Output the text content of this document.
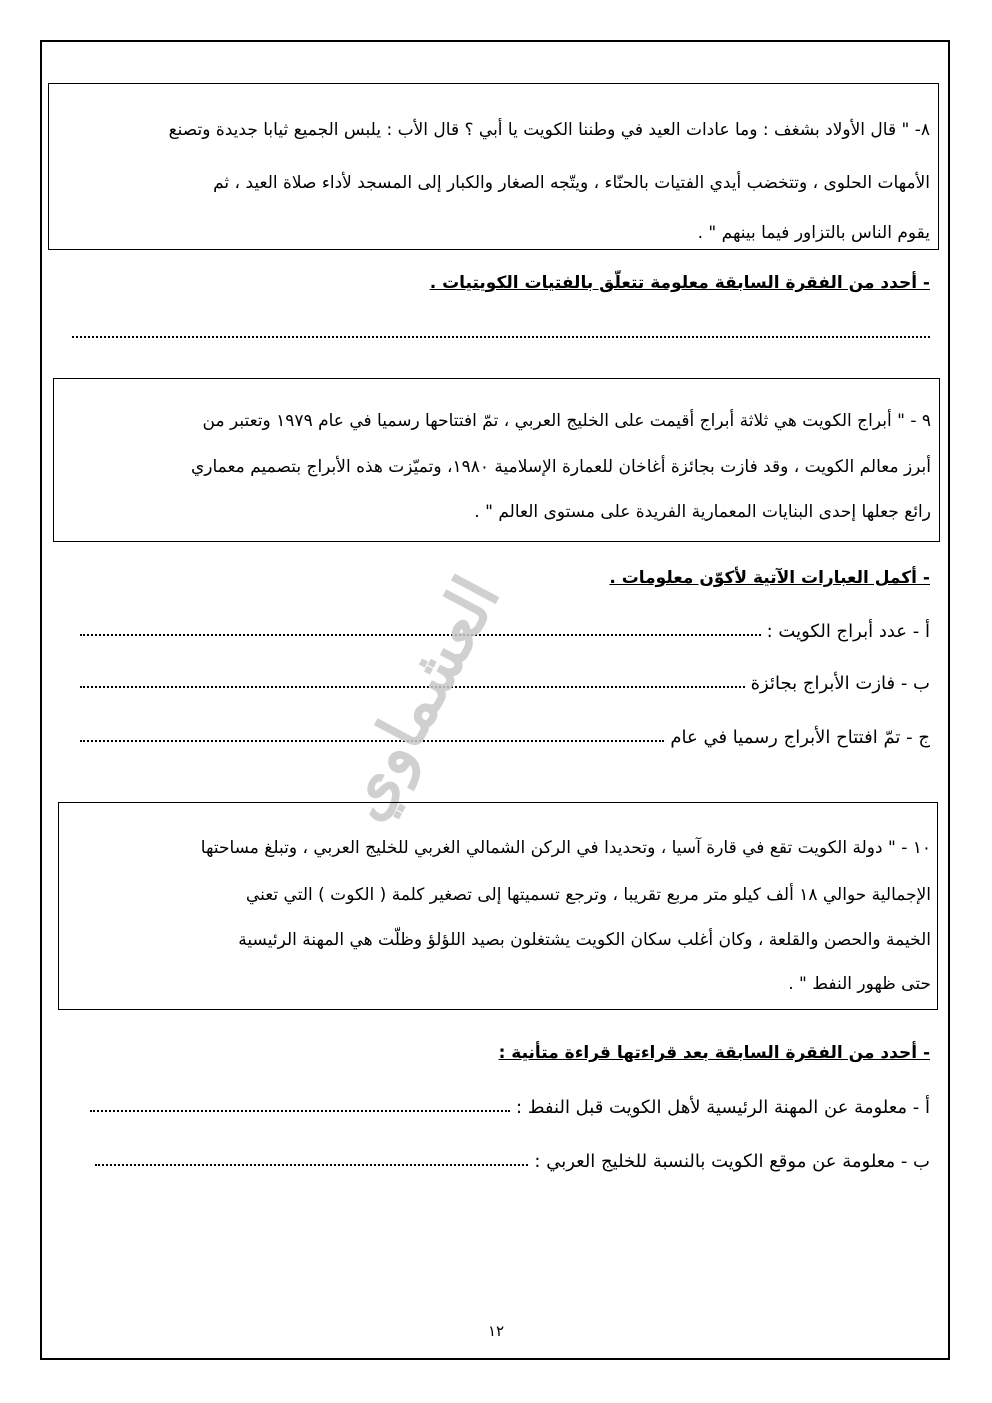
٨- " قال الأولاد بشغف : وما عادات العيد في وطننا الكويت يا أبي ؟ قال الأب : يلبس الجميع ثيابا جديدة وتصنع
الأمهات الحلوى ، وتتخضب أيدي الفتيات بالحنّاء ، ويتّجه الصغار والكبار إلى المسجد لأداء صلاة العيد ، ثم
يقوم الناس بالتزاور فيما بينهم " .
- أحدد من الفقرة السابقة معلومة تتعلّق بالفتيات الكويتيات .
٩ - " أبراج الكويت هي ثلاثة أبراج أقيمت على الخليج العربي ، تمّ افتتاحها رسميا في عام ١٩٧٩ وتعتبر من
أبرز معالم الكويت ، وقد فازت بجائزة أغاخان للعمارة الإسلامية ١٩٨٠، وتميّزت هذه الأبراج بتصميم معماري
رائع جعلها إحدى البنايات المعمارية الفريدة على مستوى العالم " .
- أكمل العبارات الآتية لأكوّن معلومات .
أ - عدد أبراج الكويت :
ب - فازت الأبراج بجائزة
ج - تمّ افتتاح الأبراج رسميا في عام
العشماوي
١٠ - " دولة الكويت تقع في قارة آسيا ، وتحديدا في الركن الشمالي الغربي للخليج العربي ، وتبلغ مساحتها
الإجمالية حوالي ١٨ ألف كيلو متر مربع تقريبا ، وترجع تسميتها إلى تصغير كلمة ( الكوت ) التي تعني
الخيمة والحصن والقلعة ، وكان أغلب سكان الكويت يشتغلون بصيد اللؤلؤ وظلّت هي المهنة الرئيسية
حتى ظهور النفط " .
- أحدد من الفقرة السابقة بعد قراءتها قراءة متأنية :
أ - معلومة عن المهنة الرئيسية لأهل الكويت قبل النفط :
ب - معلومة عن موقع الكويت بالنسبة للخليج العربي :
١٢
